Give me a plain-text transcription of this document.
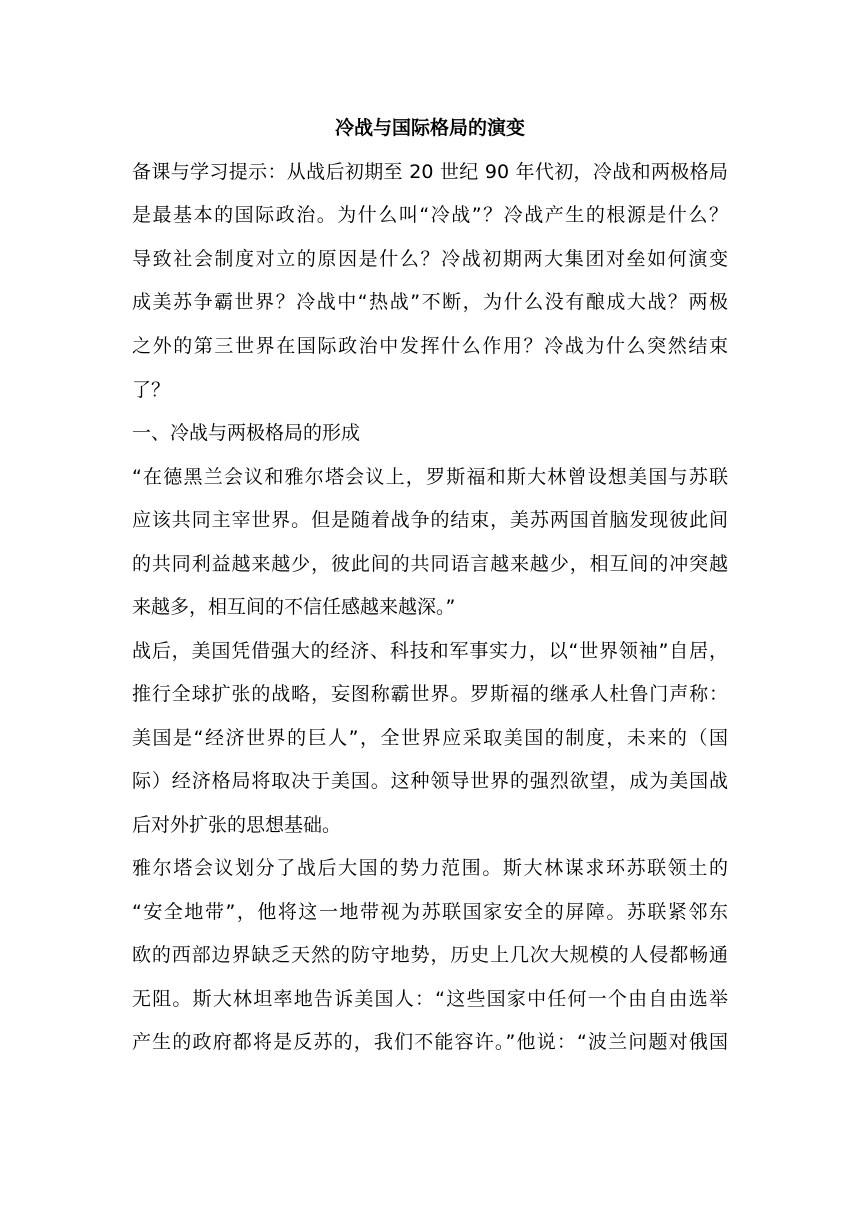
冷战与国际格局的演变
备课与学习提示：从战后初期至 20 世纪 90 年代初，冷战和两极格局
是最基本的国际政治。为什么叫“冷战”？冷战产生的根源是什么？
导致社会制度对立的原因是什么？冷战初期两大集团对垒如何演变
成美苏争霸世界？冷战中“热战”不断，为什么没有酿成大战？两极
之外的第三世界在国际政治中发挥什么作用？冷战为什么突然结束
了？
一、冷战与两极格局的形成
“在德黑兰会议和雅尔塔会议上，罗斯福和斯大林曾设想美国与苏联
应该共同主宰世界。但是随着战争的结束，美苏两国首脑发现彼此间
的共同利益越来越少，彼此间的共同语言越来越少，相互间的冲突越
来越多，相互间的不信任感越来越深。”
战后，美国凭借强大的经济、科技和军事实力，以“世界领袖”自居，
推行全球扩张的战略，妄图称霸世界。罗斯福的继承人杜鲁门声称：
美国是“经济世界的巨人”，全世界应采取美国的制度，未来的（国
际）经济格局将取决于美国。这种领导世界的强烈欲望，成为美国战
后对外扩张的思想基础。
雅尔塔会议划分了战后大国的势力范围。斯大林谋求环苏联领土的
“安全地带”，他将这一地带视为苏联国家安全的屏障。苏联紧邻东
欧的西部边界缺乏天然的防守地势，历史上几次大规模的人侵都畅通
无阻。斯大林坦率地告诉美国人：“这些国家中任何一个由自由选举
产生的政府都将是反苏的，我们不能容许。”他说：“波兰问题对俄国
